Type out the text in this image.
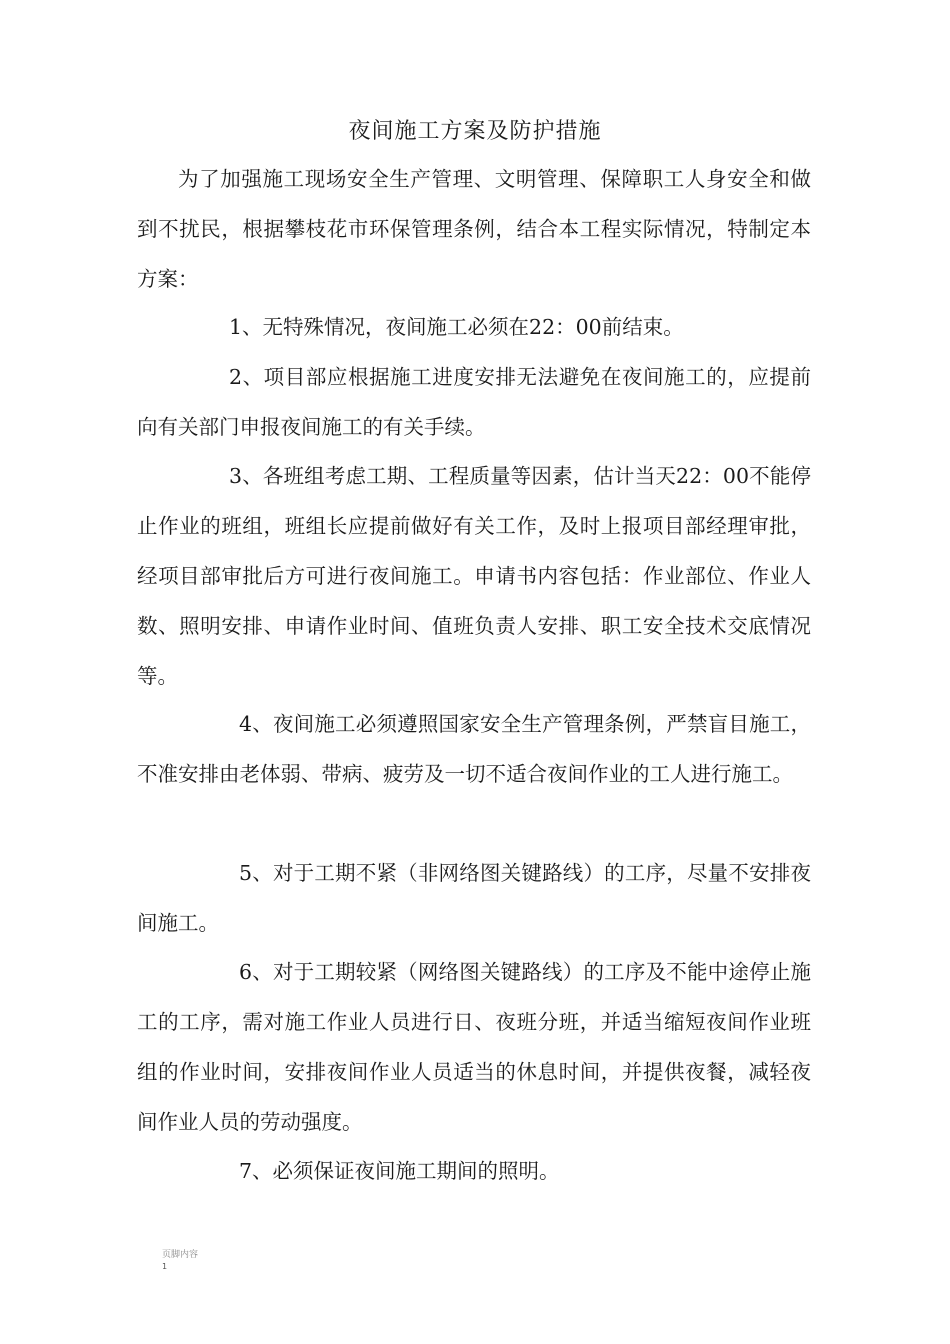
夜间施工方案及防护措施

为了加强施工现场安全生产管理、文明管理、保障职工人身安全和做到不扰民，根据攀枝花市环保管理条例，结合本工程实际情况，特制定本方案：

1、无特殊情况，夜间施工必须在22：00前结束。

2、项目部应根据施工进度安排无法避免在夜间施工的，应提前向有关部门申报夜间施工的有关手续。

3、各班组考虑工期、工程质量等因素，估计当天22：00不能停止作业的班组，班组长应提前做好有关工作，及时上报项目部经理审批，经项目部审批后方可进行夜间施工。申请书内容包括：作业部位、作业人数、照明安排、申请作业时间、值班负责人安排、职工安全技术交底情况等。

4、夜间施工必须遵照国家安全生产管理条例，严禁盲目施工，不准安排由老体弱、带病、疲劳及一切不适合夜间作业的工人进行施工。

5、对于工期不紧（非网络图关键路线）的工序，尽量不安排夜间施工。

6、对于工期较紧（网络图关键路线）的工序及不能中途停止施工的工序，需对施工作业人员进行日、夜班分班，并适当缩短夜间作业班组的作业时间，安排夜间作业人员适当的休息时间，并提供夜餐，减轻夜间作业人员的劳动强度。

7、必须保证夜间施工期间的照明。

页脚内容1
